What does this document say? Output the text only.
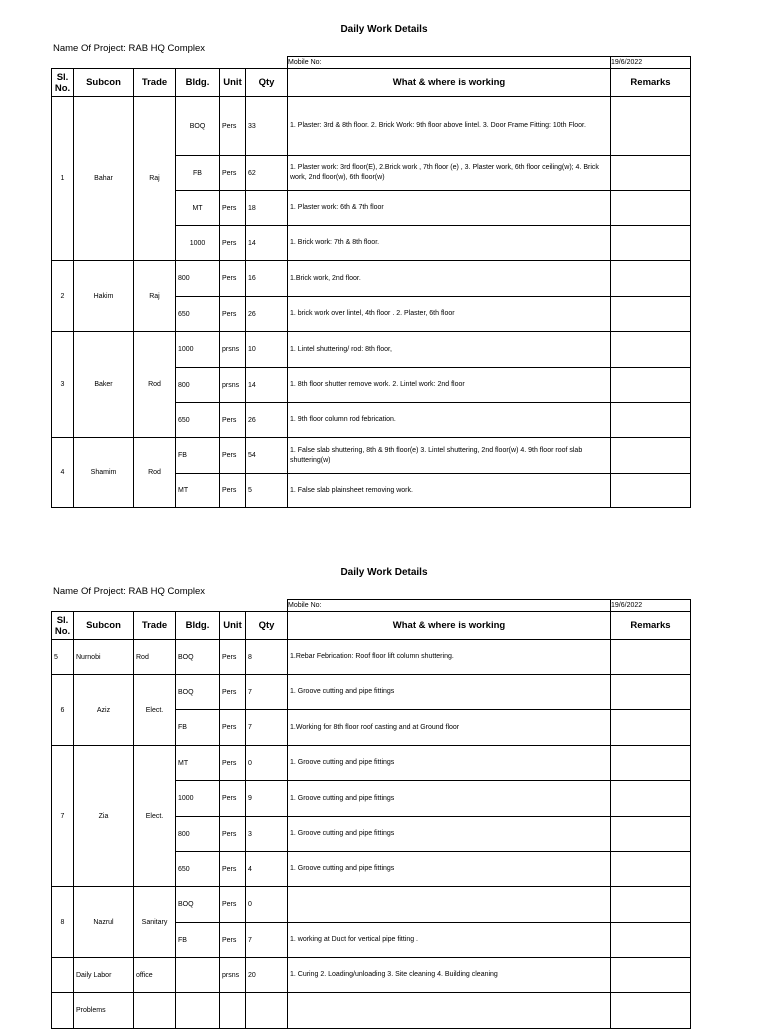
Daily Work Details
Name Of Project: RAB HQ Complex
						Mobile No:	19/6/2022
Sl. No.	Subcon	Trade	Bldg.	Unit	Qty	What & where is working	Remarks
1	Bahar	Raj	BOQ	Pers	33	1. Plaster: 3rd & 8th floor. 2. Brick Work: 9th floor above lintel. 3. Door Frame Fitting: 10th Floor.	
			FB	Pers	62	1. Plaster work: 3rd floor(E), 2.Brick work , 7th floor (e) , 3. Plaster work, 6th floor ceiling(w); 4. Brick work, 2nd floor(w), 6th floor(w)	
			MT	Pers	18	1. Plaster work: 6th & 7th floor	
			1000	Pers	14	1. Brick work: 7th & 8th floor.	
2	Hakim	Raj	800	Pers	16	1.Brick work, 2nd floor.	
			650	Pers	26	1. brick work over lintel, 4th floor . 2. Plaster, 6th floor	
3	Baker	Rod	1000	prsns	10	1. Lintel shuttering/ rod: 8th floor,	
			800	prsns	14	1. 8th floor shutter remove work. 2. Lintel work: 2nd floor	
			650	Pers	26	1. 9th floor column rod febrication.	
4	Shamim	Rod	FB	Pers	54	1. False slab shuttering, 8th & 9th floor(e) 3. Lintel shuttering, 2nd floor(w) 4. 9th floor roof slab shuttering(w)	
			MT	Pers	5	1. False slab plainsheet removing work.	
Daily Work Details
Name Of Project: RAB HQ Complex
						Mobile No:	19/6/2022
Sl. No.	Subcon	Trade	Bldg.	Unit	Qty	What & where is working	Remarks
5	Nurnobi	Rod	BOQ	Pers	8	1.Rebar Febrication: Roof floor lift column shuttering.	
6	Aziz	Elect.	BOQ	Pers	7	1. Groove cutting and pipe fittings	
			FB	Pers	7	1.Working for 8th floor roof casting and at Ground floor	
7	Zia	Elect.	MT	Pers	0	1. Groove cutting and pipe fittings	
			1000	Pers	9	1. Groove cutting and pipe fittings	
			800	Pers	3	1. Groove cutting and pipe fittings	
			650	Pers	4	1. Groove cutting and pipe fittings	
8	Nazrul	Sanitary	BOQ	Pers	0		
			FB	Pers	7	1. working at Duct for vertical pipe fitting .	
	Daily Labor	office		prsns	20	1. Curing 2. Loading/unloading 3. Site cleaning 4. Building cleaning	
	Problems						
